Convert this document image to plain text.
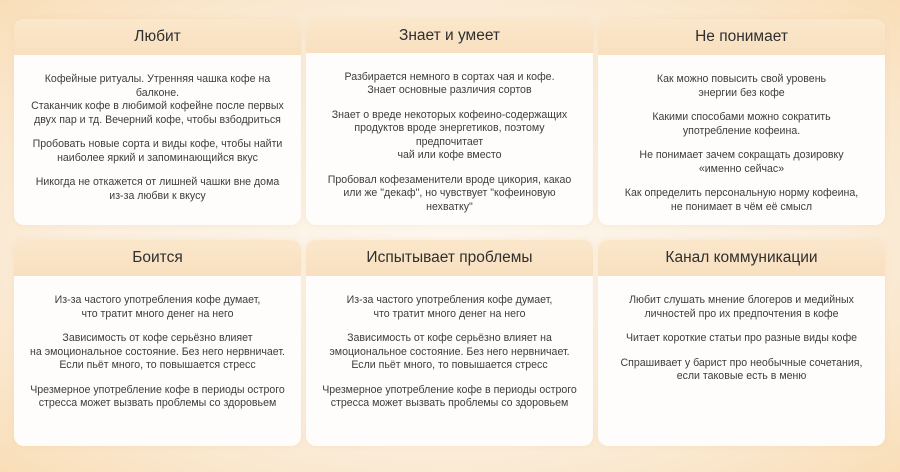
Любит

Кофейные ритуалы. Утренняя чашка кофе на балконе.
Стаканчик кофе в любимой кофейне после первых
двух пар и тд. Вечерний кофе, чтобы взбодриться

Пробовать новые сорта и виды кофе, чтобы найти
наиболее яркий и запоминающийся вкус

Никогда не откажется от лишней чашки вне дома
из-за любви к вкусу

Знает и умеет

Разбирается немного в сортах чая и кофе.
Знает основные различия сортов

Знает о вреде некоторых кофеино-содержащих
продуктов вроде энергетиков, поэтому предпочитает
чай или кофе вместо

Пробовал кофезаменители вроде цикория, какао
или же "декаф", но чувствует "кофеиновую нехватку"

Не понимает

Как можно повысить свой уровень
энергии без кофе

Какими способами можно сократить
употребление кофеина.

Не понимает зачем сокращать дозировку
«именно сейчас»

Как определить персональную норму кофеина,
не понимает в чём её смысл

Боится

Из-за частого употребления кофе думает,
что тратит много денег на него

Зависимость от кофе серьёзно влияет
на эмоциональное состояние. Без него нервничает.
Если пьёт много, то повышается стресс

Чрезмерное употребление кофе в периоды острого
стресса может вызвать проблемы со здоровьем

Испытывает проблемы

Из-за частого употребления кофе думает,
что тратит много денег на него

Зависимость от кофе серьёзно влияет на
эмоциональное состояние. Без него нервничает.
Если пьёт много, то повышается стресс

Чрезмерное употребление кофе в периоды острого
стресса может вызвать проблемы со здоровьем

Канал коммуникации

Любит слушать мнение блогеров и медийных
личностей про их предпочтения в кофе

Читает короткие статьи про разные виды кофе

Спрашивает у барист про необычные сочетания,
если таковые есть в меню
